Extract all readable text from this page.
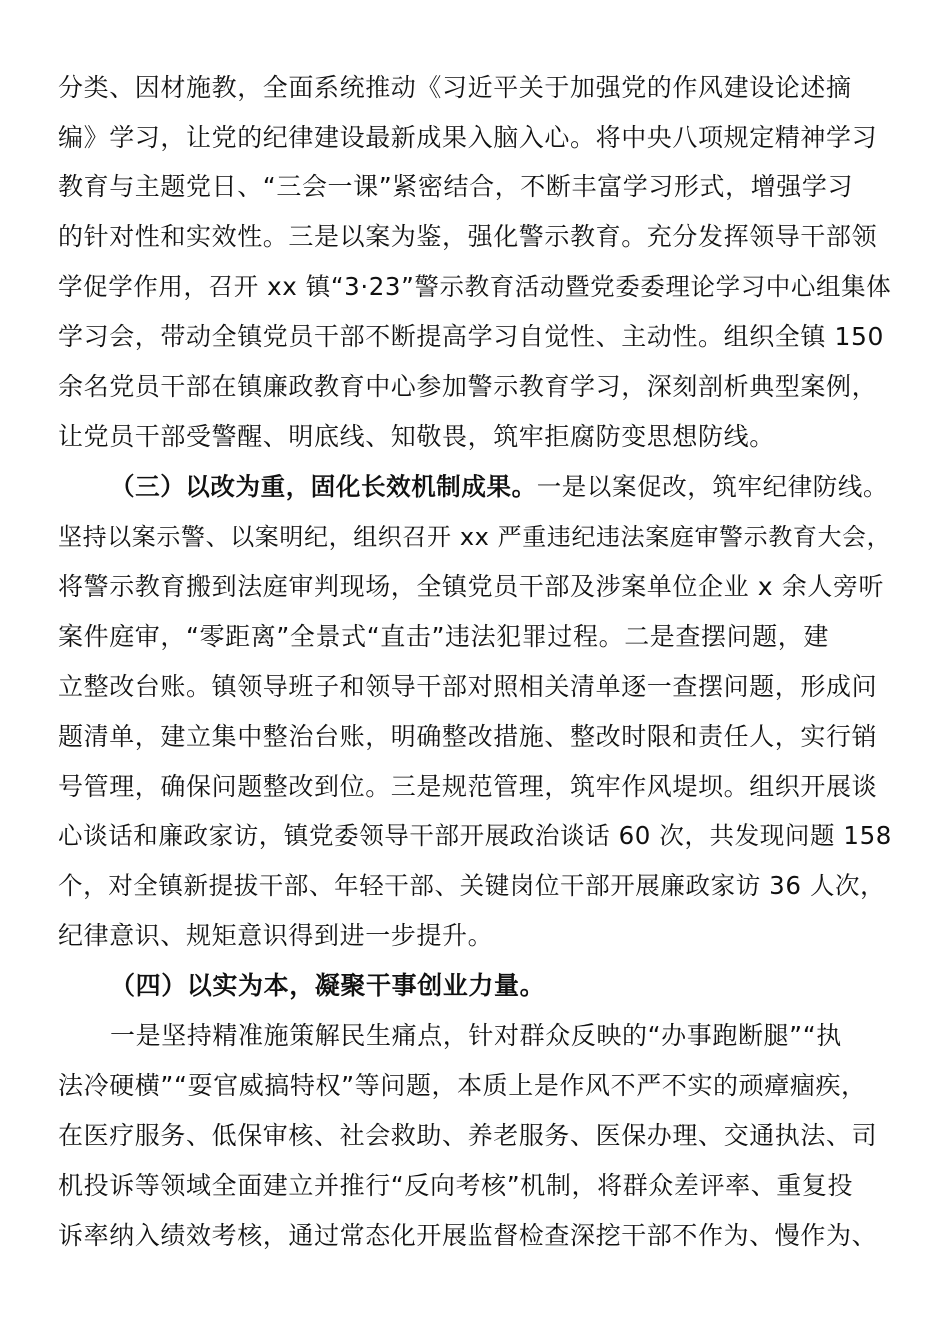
分类、因材施教，全面系统推动《习近平关于加强党的作风建设论述摘
编》学习，让党的纪律建设最新成果入脑入心。将中央八项规定精神学习
教育与主题党日、“三会一课”紧密结合，不断丰富学习形式，增强学习
的针对性和实效性。三是以案为鉴，强化警示教育。充分发挥领导干部领
学促学作用，召开 xx 镇“3·23”警示教育活动暨党委委理论学习中心组集体
学习会，带动全镇党员干部不断提高学习自觉性、主动性。组织全镇 150
余名党员干部在镇廉政教育中心参加警示教育学习，深刻剖析典型案例，
让党员干部受警醒、明底线、知敬畏，筑牢拒腐防变思想防线。
（三）以改为重，固化长效机制成果。一是以案促改，筑牢纪律防线。
坚持以案示警、以案明纪，组织召开 xx 严重违纪违法案庭审警示教育大会，
将警示教育搬到法庭审判现场，全镇党员干部及涉案单位企业 x 余人旁听
案件庭审，“零距离”全景式“直击”违法犯罪过程。二是查摆问题，建
立整改台账。镇领导班子和领导干部对照相关清单逐一查摆问题，形成问
题清单，建立集中整治台账，明确整改措施、整改时限和责任人，实行销
号管理，确保问题整改到位。三是规范管理，筑牢作风堤坝。组织开展谈
心谈话和廉政家访，镇党委领导干部开展政治谈话 60 次，共发现问题 158
个，对全镇新提拔干部、年轻干部、关键岗位干部开展廉政家访 36 人次，
纪律意识、规矩意识得到进一步提升。
（四）以实为本，凝聚干事创业力量。
一是坚持精准施策解民生痛点，针对群众反映的“办事跑断腿”“执
法冷硬横”“耍官威搞特权”等问题，本质上是作风不严不实的顽瘴痼疾，
在医疗服务、低保审核、社会救助、养老服务、医保办理、交通执法、司
机投诉等领域全面建立并推行“反向考核”机制，将群众差评率、重复投
诉率纳入绩效考核，通过常态化开展监督检查深挖干部不作为、慢作为、
